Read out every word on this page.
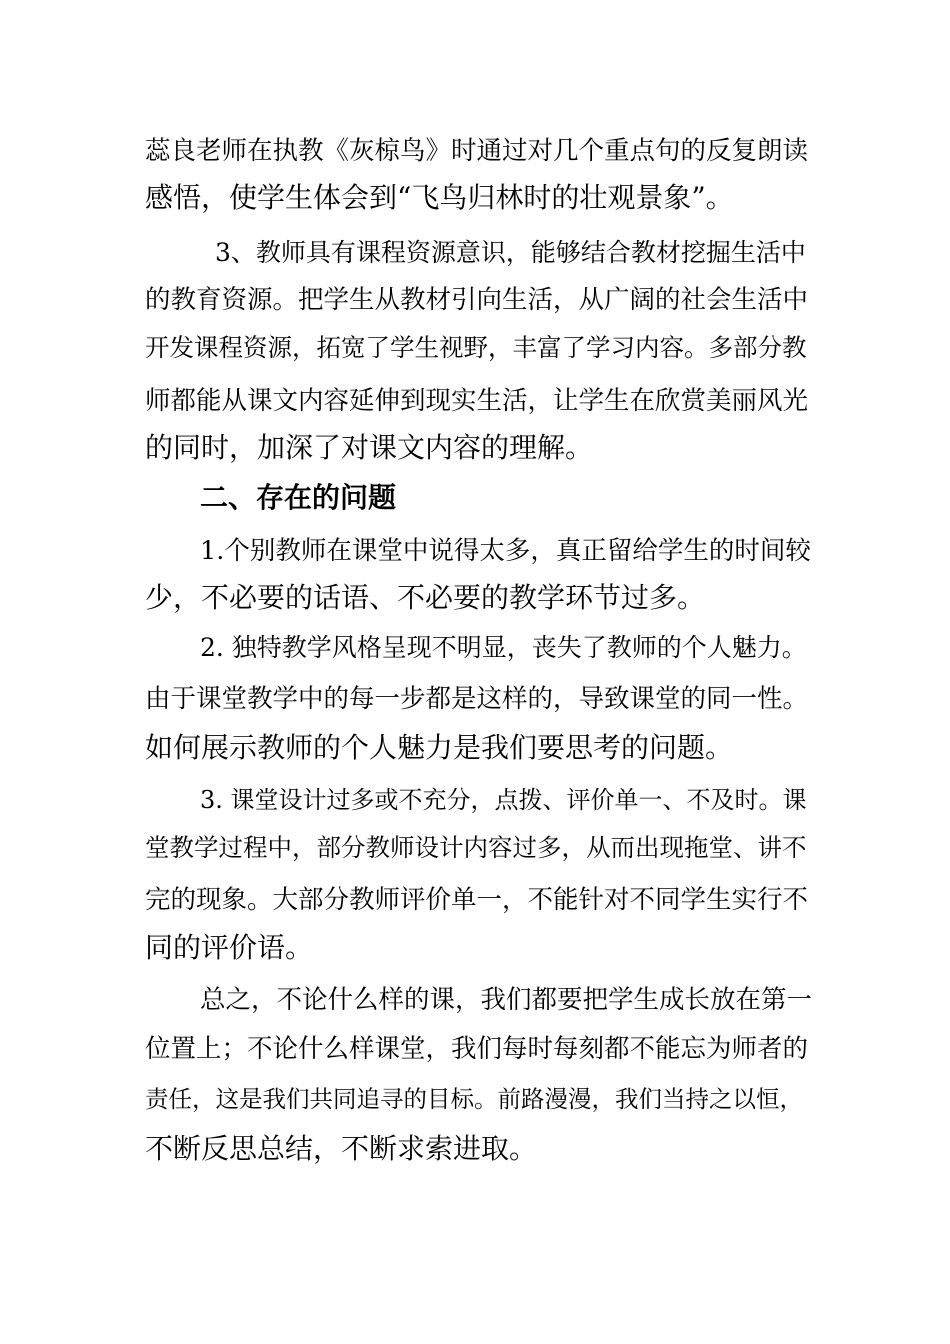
蕊良老师在执教《灰椋鸟》时通过对几个重点句的反复朗读
感悟，使学生体会到“飞鸟归林时的壮观景象”。
3、教师具有课程资源意识，能够结合教材挖掘生活中
的教育资源。把学生从教材引向生活，从广阔的社会生活中
开发课程资源，拓宽了学生视野，丰富了学习内容。多部分教
师都能从课文内容延伸到现实生活，让学生在欣赏美丽风光
的同时，加深了对课文内容的理解。
二、存在的问题
1.个别教师在课堂中说得太多，真正留给学生的时间较
少，不必要的话语、不必要的教学环节过多。
2. 独特教学风格呈现不明显，丧失了教师的个人魅力。
由于课堂教学中的每一步都是这样的，导致课堂的同一性。
如何展示教师的个人魅力是我们要思考的问题。
3. 课堂设计过多或不充分，点拨、评价单一、不及时。课
堂教学过程中，部分教师设计内容过多，从而出现拖堂、讲不
完的现象。大部分教师评价单一，不能针对不同学生实行不
同的评价语。
总之，不论什么样的课，我们都要把学生成长放在第一
位置上；不论什么样课堂，我们每时每刻都不能忘为师者的
责任，这是我们共同追寻的目标。前路漫漫，我们当持之以恒，
不断反思总结，不断求索进取。
